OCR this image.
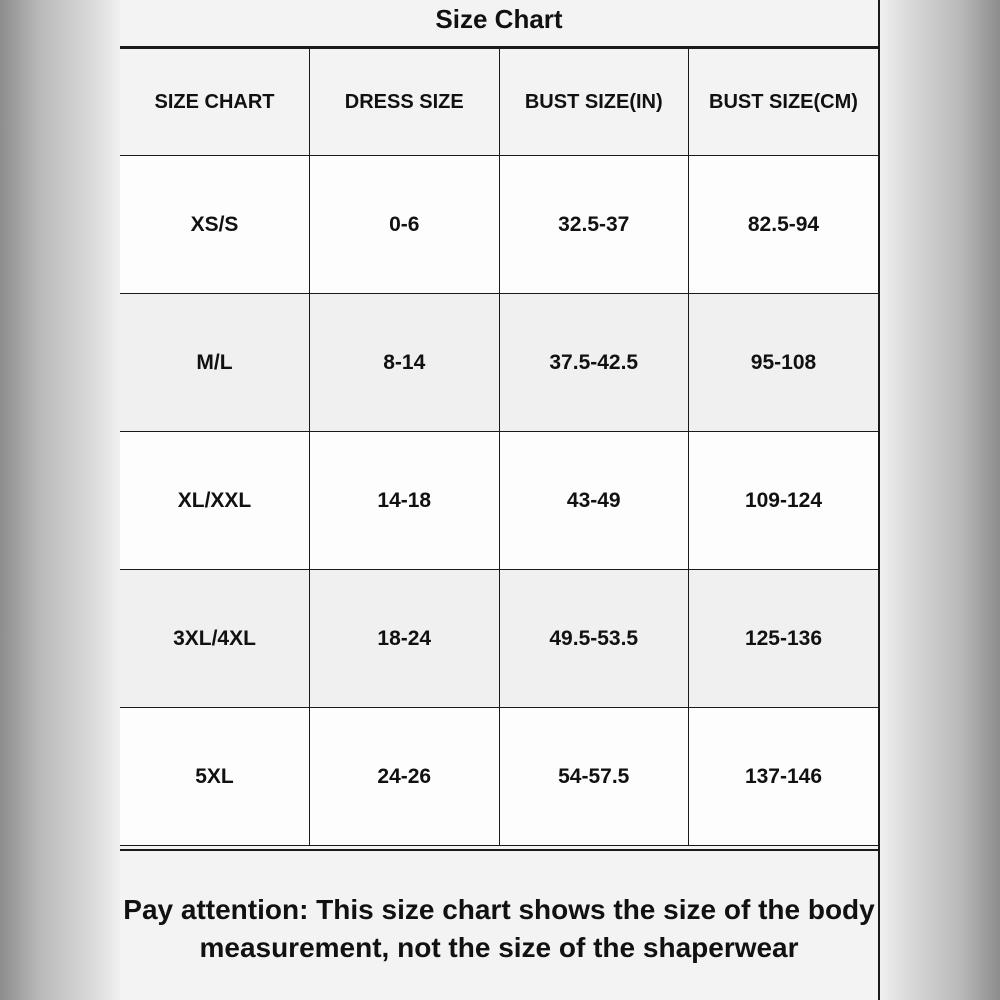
Size Chart
SIZE CHART	DRESS SIZE	BUST SIZE(IN)	BUST SIZE(CM)
XS/S	0-6	32.5-37	82.5-94
M/L	8-14	37.5-42.5	95-108
XL/XXL	14-18	43-49	109-124
3XL/4XL	18-24	49.5-53.5	125-136
5XL	24-26	54-57.5	137-146
Pay attention: This size chart shows the size of the body
measurement, not the size of the shaperwear
